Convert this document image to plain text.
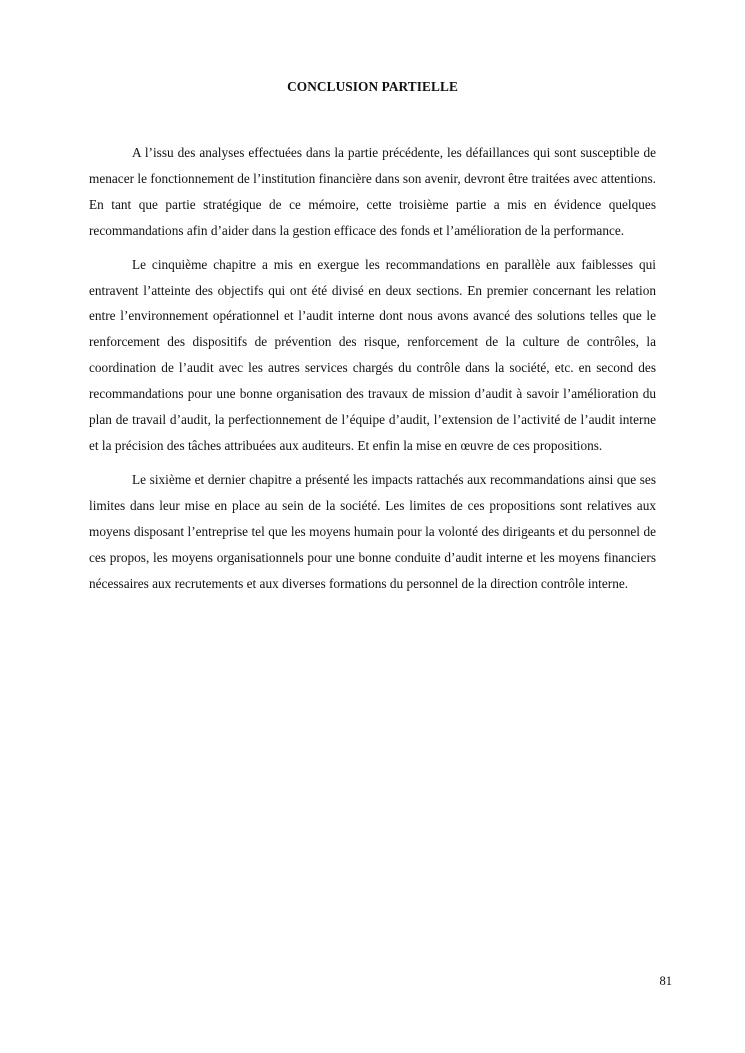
CONCLUSION PARTIELLE

A l’issu des analyses effectuées dans la partie précédente, les défaillances qui sont susceptible de menacer le fonctionnement de l’institution financière dans son avenir, devront être traitées avec attentions. En tant que partie stratégique de ce mémoire, cette troisième partie a mis en évidence quelques recommandations afin d’aider dans la gestion efficace des fonds et l’amélioration de la performance.

Le cinquième chapitre a mis en exergue les recommandations en parallèle aux faiblesses qui entravent l’atteinte des objectifs qui ont été divisé en deux sections. En premier concernant les relation entre l’environnement opérationnel et l’audit interne dont nous avons avancé des solutions telles que le renforcement des dispositifs de prévention des risque, renforcement de la culture de contrôles, la coordination de l’audit avec les autres services chargés du contrôle dans la société, etc. en second des recommandations pour une bonne organisation des travaux de mission d’audit à savoir l’amélioration du plan de travail d’audit, la perfectionnement de l’équipe d’audit, l’extension de l’activité de l’audit interne et la précision des tâches attribuées aux auditeurs. Et enfin la mise en œuvre de ces propositions.

Le sixième et dernier chapitre a présenté les impacts rattachés aux recommandations ainsi que ses limites dans leur mise en place au sein de la société. Les limites de ces propositions sont relatives aux moyens disposant l’entreprise tel que les moyens humain pour la volonté des dirigeants et du personnel de ces propos, les moyens organisationnels pour une bonne conduite d’audit interne et les moyens financiers nécessaires aux recrutements et aux diverses formations du personnel de la direction contrôle interne.

81
